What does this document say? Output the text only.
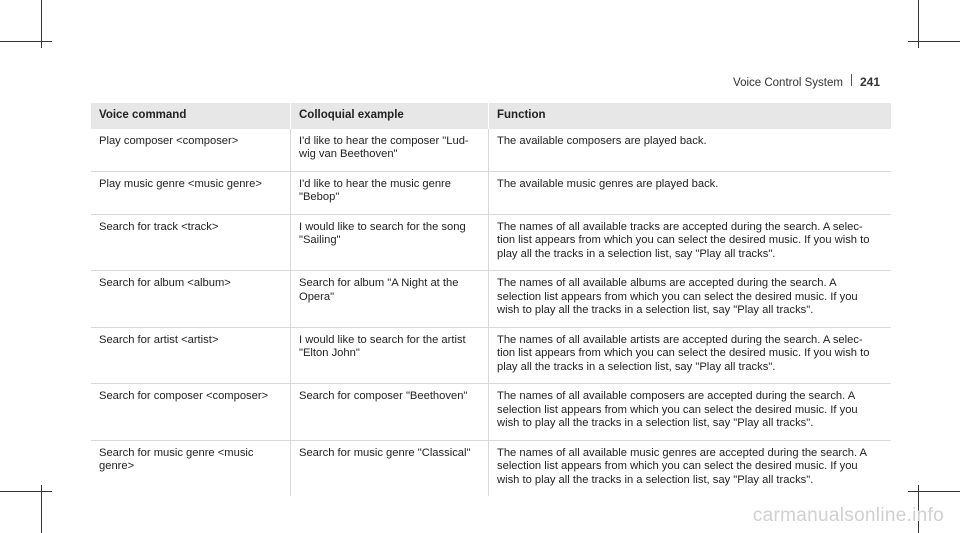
Voice Control System 241
Voice command	Colloquial example	Function
Play composer <composer>	I'd like to hear the composer "Lud- wig van Beethoven"	The available composers are played back.
Play music genre <music genre>	I'd like to hear the music genre "Bebop"	The available music genres are played back.
Search for track <track>	I would like to search for the song "Sailing"	The names of all available tracks are accepted during the search. A selec- tion list appears from which you can select the desired music. If you wish to play all the tracks in a selection list, say "Play all tracks".
Search for album <album>	Search for album "A Night at the Opera"	The names of all available albums are accepted during the search. A selection list appears from which you can select the desired music. If you wish to play all the tracks in a selection list, say "Play all tracks".
Search for artist <artist>	I would like to search for the artist "Elton John"	The names of all available artists are accepted during the search. A selec- tion list appears from which you can select the desired music. If you wish to play all the tracks in a selection list, say "Play all tracks".
Search for composer <composer>	Search for composer "Beethoven"	The names of all available composers are accepted during the search. A selection list appears from which you can select the desired music. If you wish to play all the tracks in a selection list, say "Play all tracks".
Search for music genre <music genre>	Search for music genre "Classical"	The names of all available music genres are accepted during the search. A selection list appears from which you can select the desired music. If you wish to play all the tracks in a selection list, say "Play all tracks".
carmanualsonline.info
